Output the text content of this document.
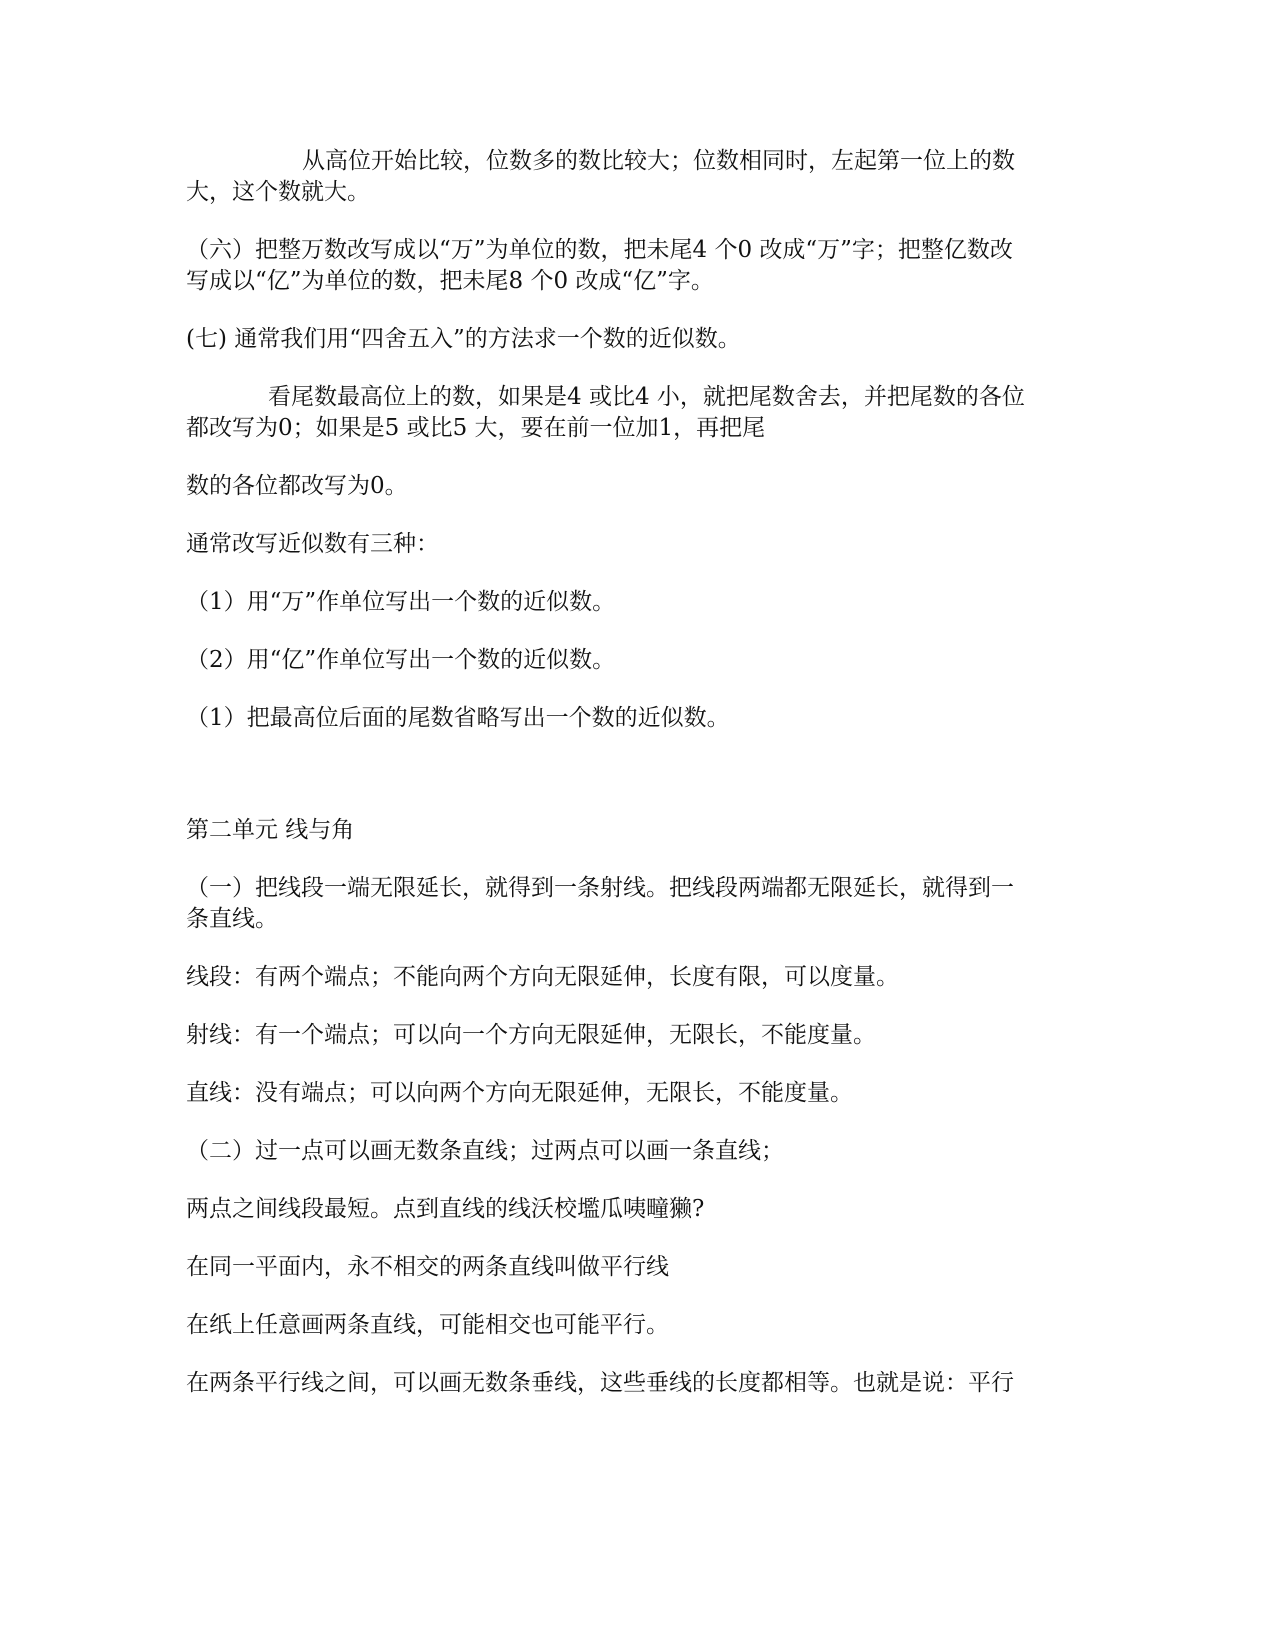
从高位开始比较，位数多的数比较大；位数相同时，左起第一位上的数
大，这个数就大。
（六）把整万数改写成以“万”为单位的数，把未尾4 个0 改成“万”字；把整亿数改
写成以“亿”为单位的数，把未尾8 个0 改成“亿”字。
(七) 通常我们用“四舍五入”的方法求一个数的近似数。
看尾数最高位上的数，如果是4 或比4 小，就把尾数舍去，并把尾数的各位
都改写为0；如果是5 或比5 大，要在前一位加1，再把尾
数的各位都改写为0。
通常改写近似数有三种：
（1）用“万”作单位写出一个数的近似数。
（2）用“亿”作单位写出一个数的近似数。
（1）把最高位后面的尾数省略写出一个数的近似数。
第二单元 线与角
（一）把线段一端无限延长，就得到一条射线。把线段两端都无限延长，就得到一
条直线。
线段：有两个端点；不能向两个方向无限延伸，长度有限，可以度量。
射线：有一个端点；可以向一个方向无限延伸，无限长，不能度量。
直线：没有端点；可以向两个方向无限延伸，无限长，不能度量。
（二）过一点可以画无数条直线；过两点可以画一条直线；
两点之间线段最短。点到直线的线沃校壏瓜咦疃獭?
在同一平面内，永不相交的两条直线叫做平行线
在纸上任意画两条直线，可能相交也可能平行。
在两条平行线之间，可以画无数条垂线，这些垂线的长度都相等。也就是说：平行
